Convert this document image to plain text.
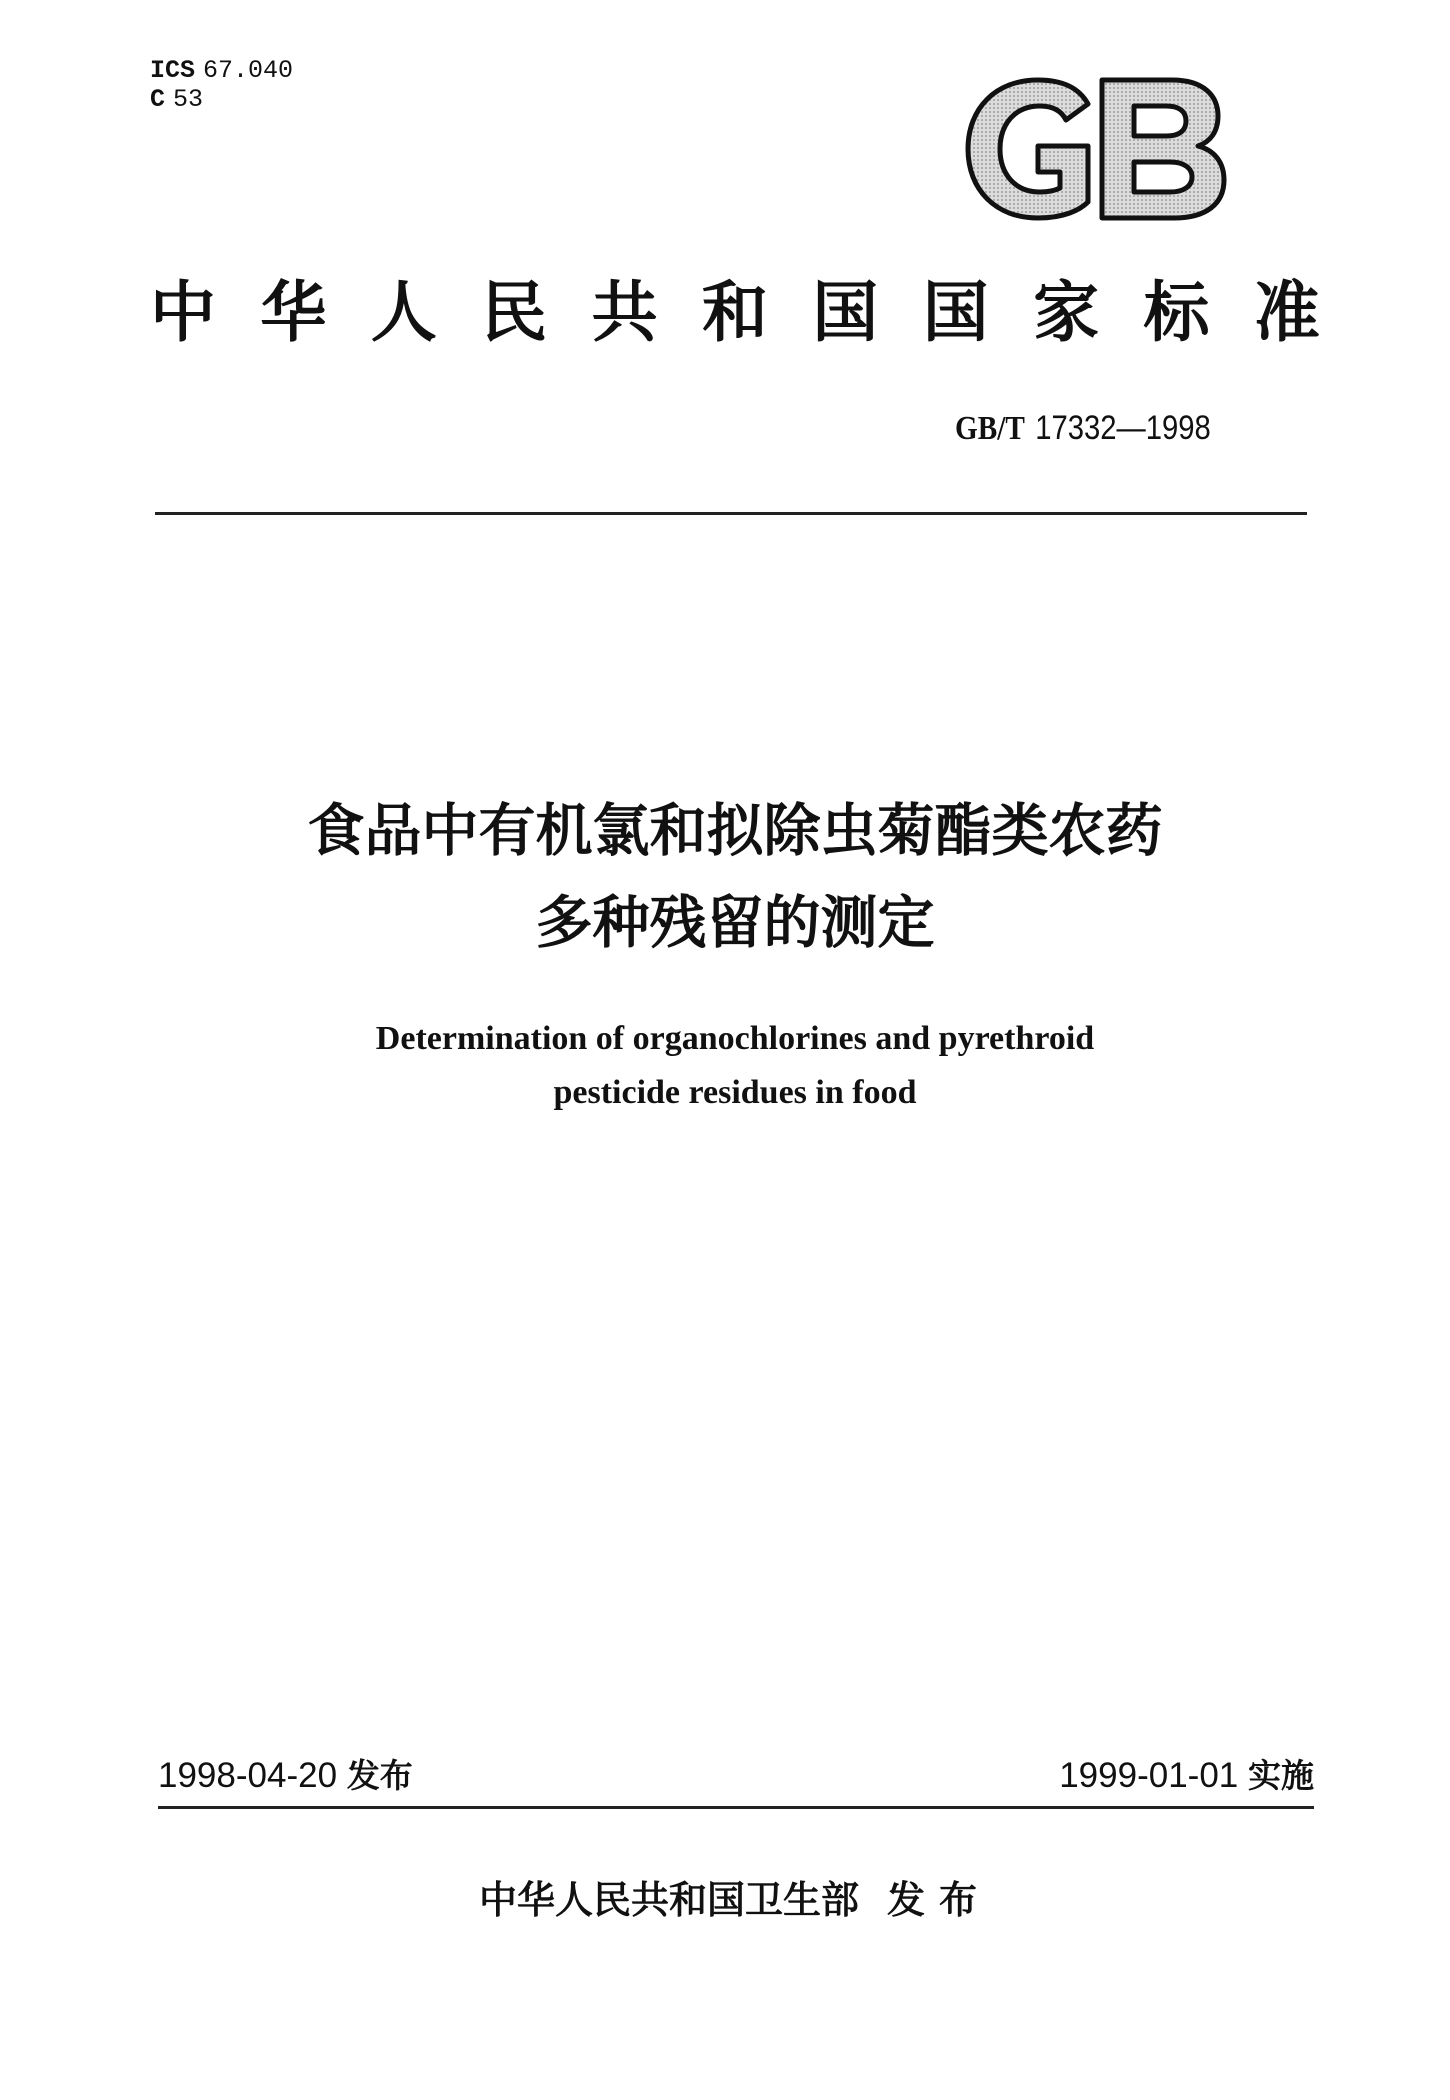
ICS 67.040
C 53
中 华 人 民 共 和 国 国 家 标 准
GB/T 17332—1998
食品中有机氯和拟除虫菊酯类农药
多种残留的测定
Determination of organochlorines and pyrethroid
pesticide residues in food
1998-04-20 发布	1999-01-01 实施
中华人民共和国卫生部 发布
